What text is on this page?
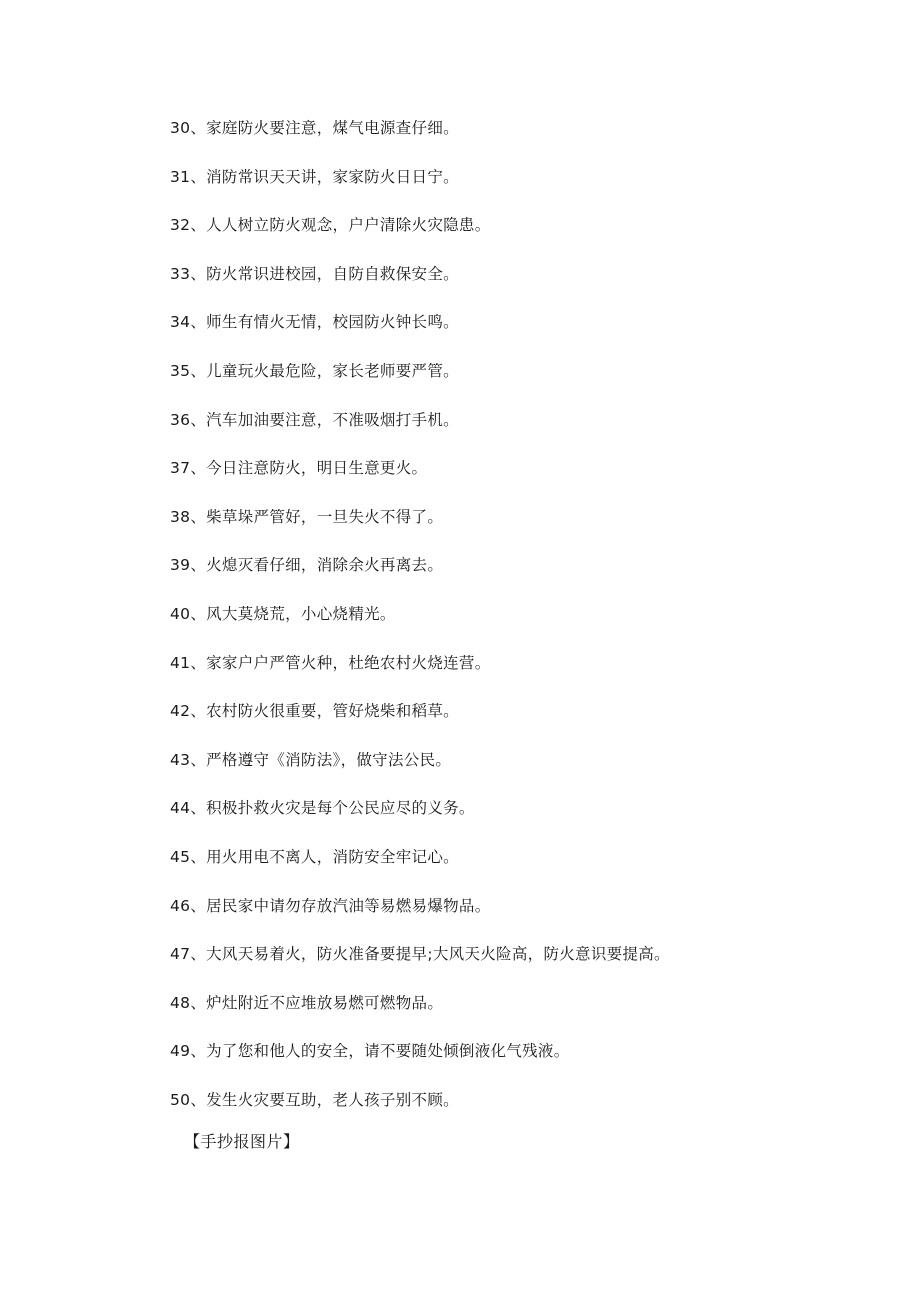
30、家庭防火要注意，煤气电源查仔细。
31、消防常识天天讲，家家防火日日宁。
32、人人树立防火观念，户户清除火灾隐患。
33、防火常识进校园，自防自救保安全。
34、师生有情火无情，校园防火钟长鸣。
35、儿童玩火最危险，家长老师要严管。
36、汽车加油要注意，不准吸烟打手机。
37、今日注意防火，明日生意更火。
38、柴草垛严管好，一旦失火不得了。
39、火熄灭看仔细，消除余火再离去。
40、风大莫烧荒，小心烧精光。
41、家家户户严管火种，杜绝农村火烧连营。
42、农村防火很重要，管好烧柴和稻草。
43、严格遵守《消防法》，做守法公民。
44、积极扑救火灾是每个公民应尽的义务。
45、用火用电不离人，消防安全牢记心。
46、居民家中请勿存放汽油等易燃易爆物品。
47、大风天易着火，防火准备要提早;大风天火险高，防火意识要提高。
48、炉灶附近不应堆放易燃可燃物品。
49、为了您和他人的安全，请不要随处倾倒液化气残液。
50、发生火灾要互助，老人孩子别不顾。
【手抄报图片】
